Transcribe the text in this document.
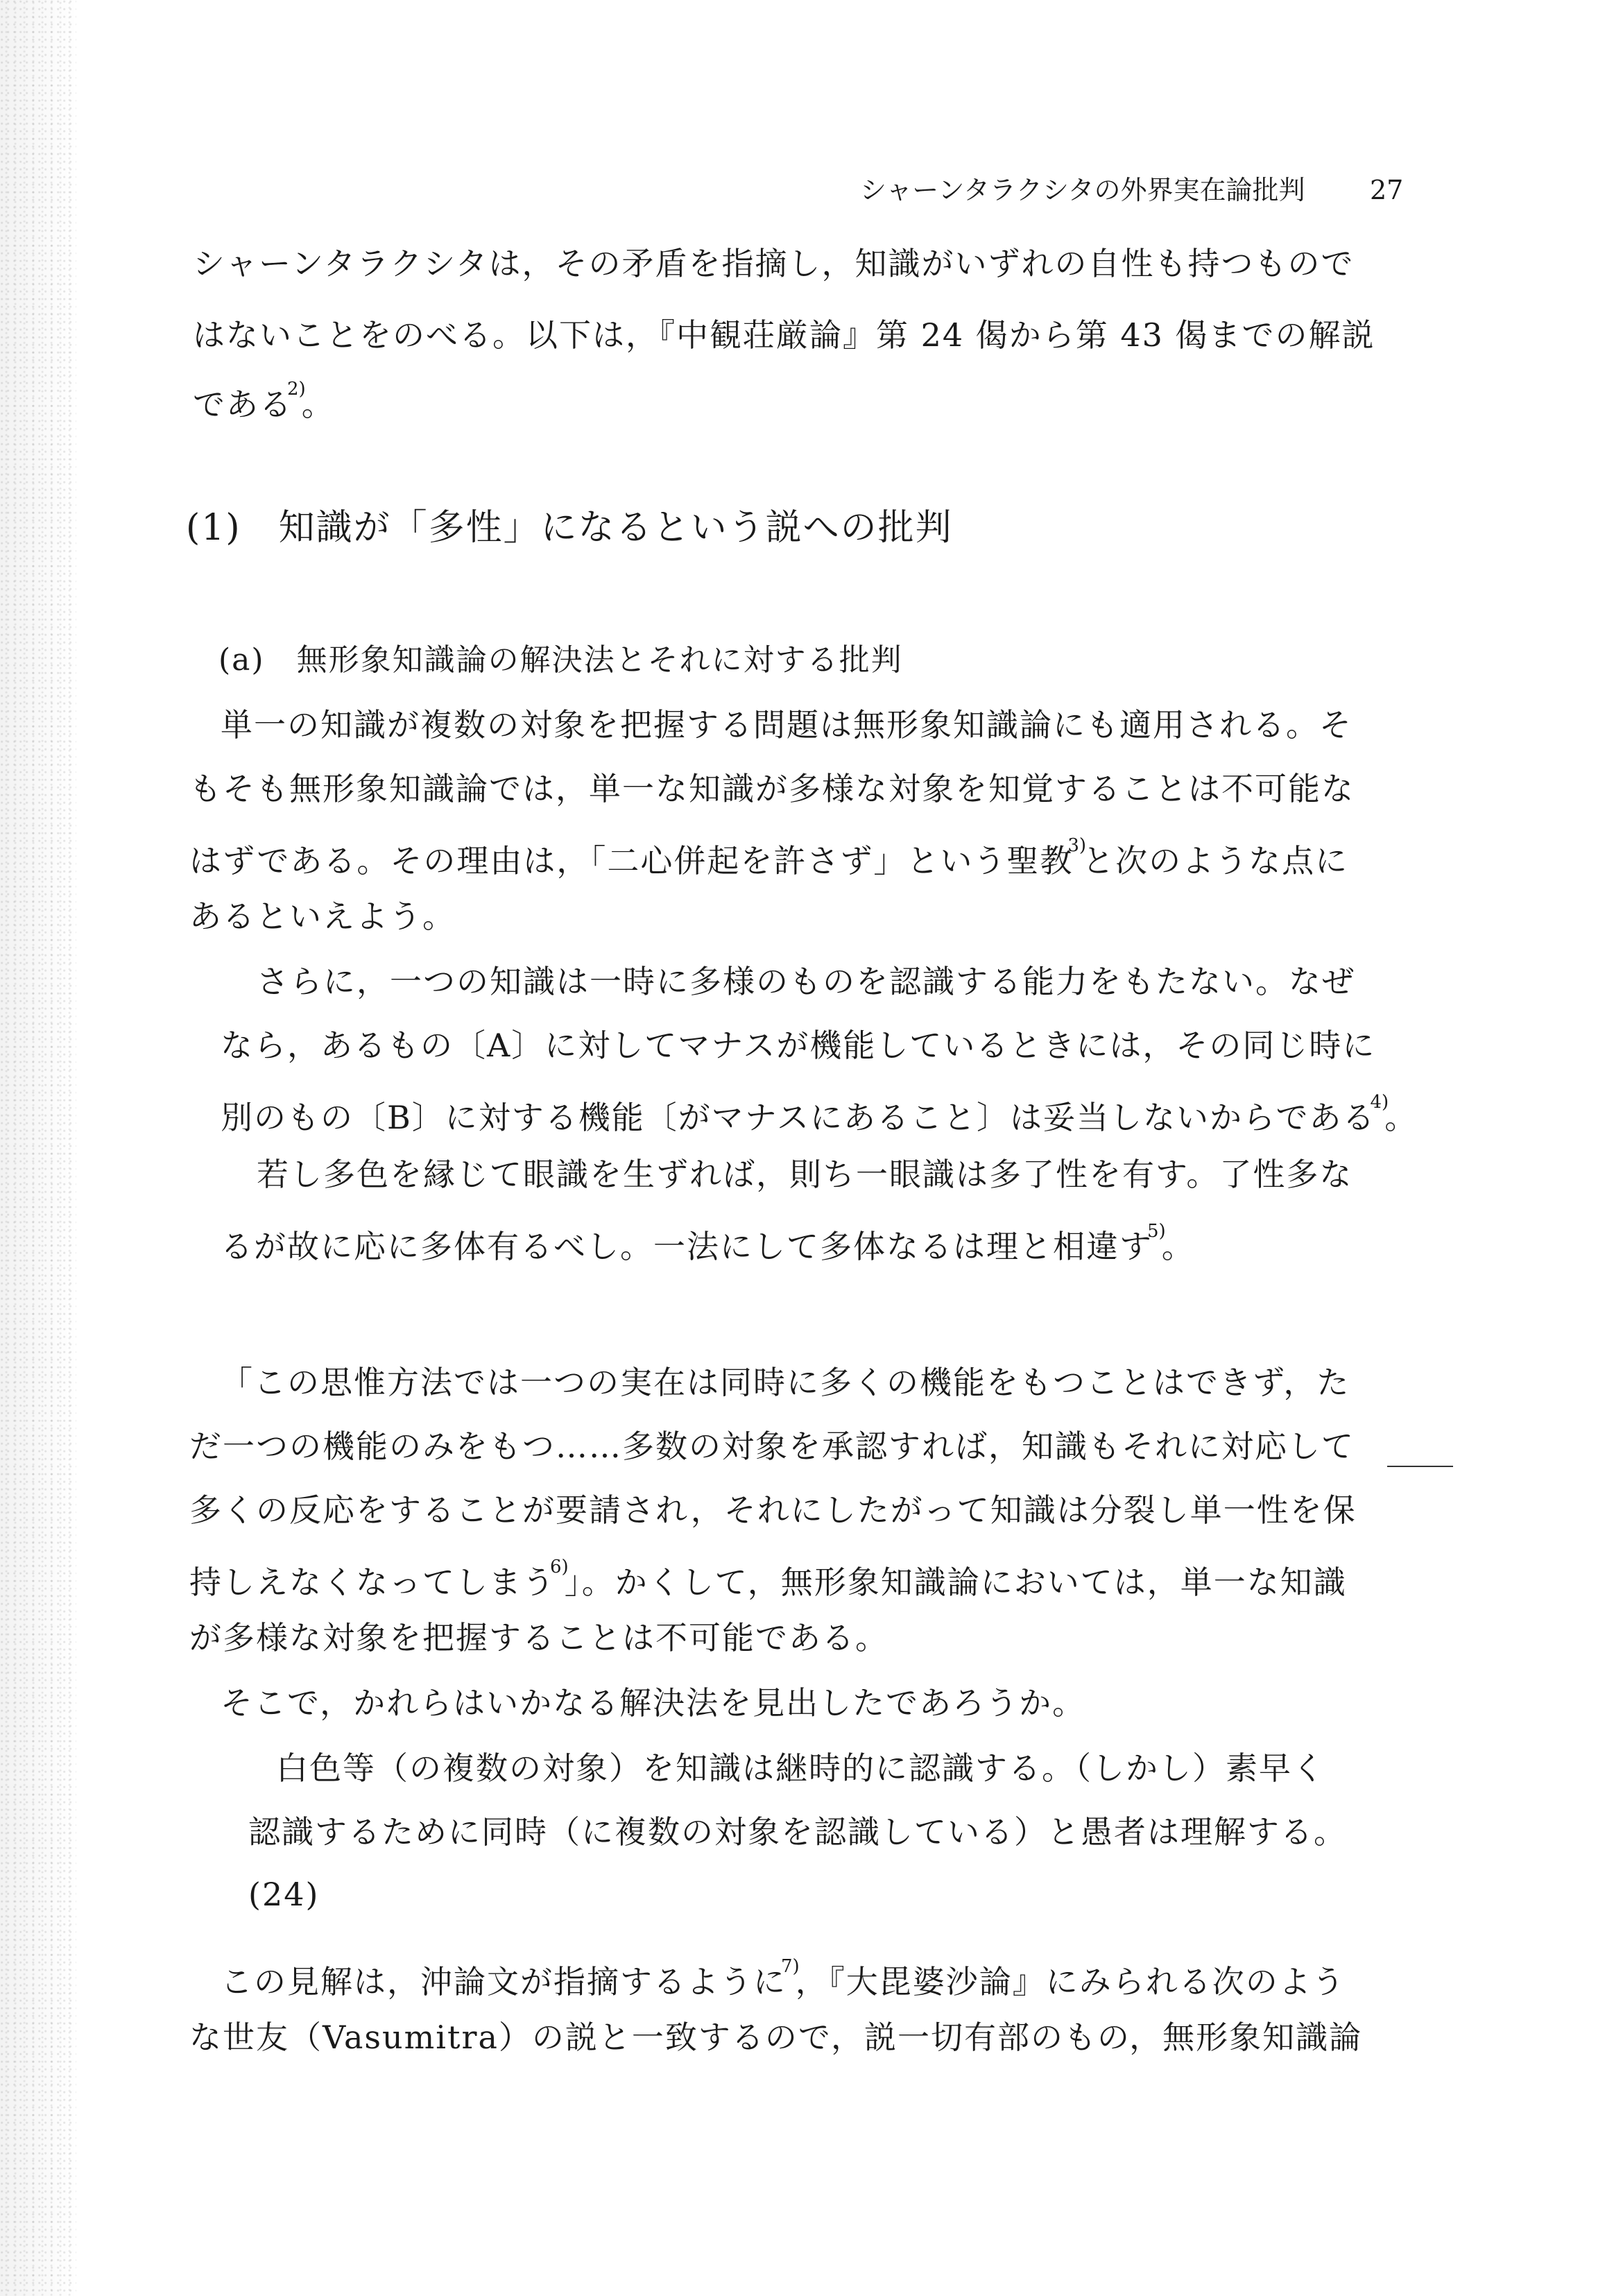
シャーンタラクシタの外界実在論批判 27
シャーンタラクシタは，その矛盾を指摘し，知識がいずれの自性も持つもので
はないことをのべる。以下は，『中観荘厳論』第 24 偈から第 43 偈までの解説
である$^{2)}$。
(1)　知識が「多性」になるという説への批判
(a)　無形象知識論の解決法とそれに対する批判
単一の知識が複数の対象を把握する問題は無形象知識論にも適用される。そ
もそも無形象知識論では，単一な知識が多様な対象を知覚することは不可能な
はずである。その理由は，「二心併起を許さず」という聖教$^{3)}$と次のような点に
あるといえよう。
さらに，一つの知識は一時に多様のものを認識する能力をもたない。なぜ
なら，あるもの〔A〕に対してマナスが機能しているときには，その同じ時に
別のもの〔B〕に対する機能〔がマナスにあること〕は妥当しないからである$^{4)}$。
若し多色を縁じて眼識を生ずれば，則ち一眼識は多了性を有す。了性多な
るが故に応に多体有るべし。一法にして多体なるは理と相違す$^{5)}$。
「この思惟方法では一つの実在は同時に多くの機能をもつことはできず，た
だ一つの機能のみをもつ……多数の対象を承認すれば，知識もそれに対応して
多くの反応をすることが要請され，それにしたがって知識は分裂し単一性を保
持しえなくなってしまう$^{6)}$」。かくして，無形象知識論においては，単一な知識
が多様な対象を把握することは不可能である。
そこで，かれらはいかなる解決法を見出したであろうか。
白色等（の複数の対象）を知識は継時的に認識する。（しかし）素早く
認識するために同時（に複数の対象を認識している）と愚者は理解する。
(24)
この見解は，沖論文が指摘するように$^{7)}$，『大毘婆沙論』にみられる次のよう
な世友（Vasumitra）の説と一致するので，説一切有部のもの，無形象知識論
